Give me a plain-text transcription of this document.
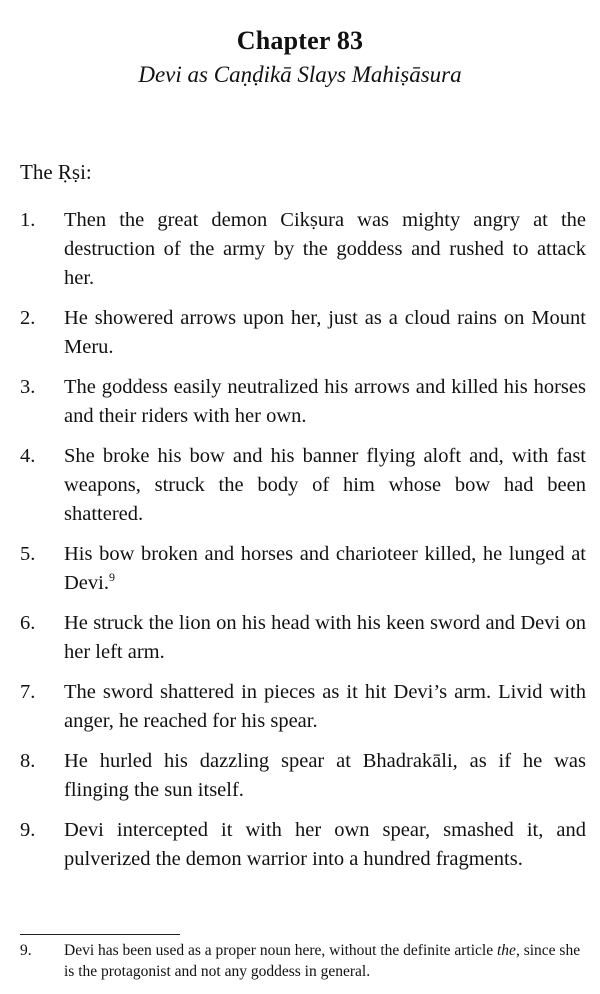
Chapter 83
Devi as Caṇḍikā Slays Mahiṣāsura
The Ṛṣi:
1.	Then the great demon Cikṣura was mighty angry at the destruction of the army by the goddess and rushed to attack her.
2.	He showered arrows upon her, just as a cloud rains on Mount Meru.
3.	The goddess easily neutralized his arrows and killed his horses and their riders with her own.
4.	She broke his bow and his banner flying aloft and, with fast weapons, struck the body of him whose bow had been shattered.
5.	His bow broken and horses and charioteer killed, he lunged at Devi.$^9$
6.	He struck the lion on his head with his keen sword and Devi on her left arm.
7.	The sword shattered in pieces as it hit Devi’s arm. Livid with anger, he reached for his spear.
8.	He hurled his dazzling spear at Bhadrakāli, as if he was flinging the sun itself.
9.	Devi intercepted it with her own spear, smashed it, and pulverized the demon warrior into a hundred fragments.
9.	Devi has been used as a proper noun here, without the definite article the, since she is the protagonist and not any goddess in general.
